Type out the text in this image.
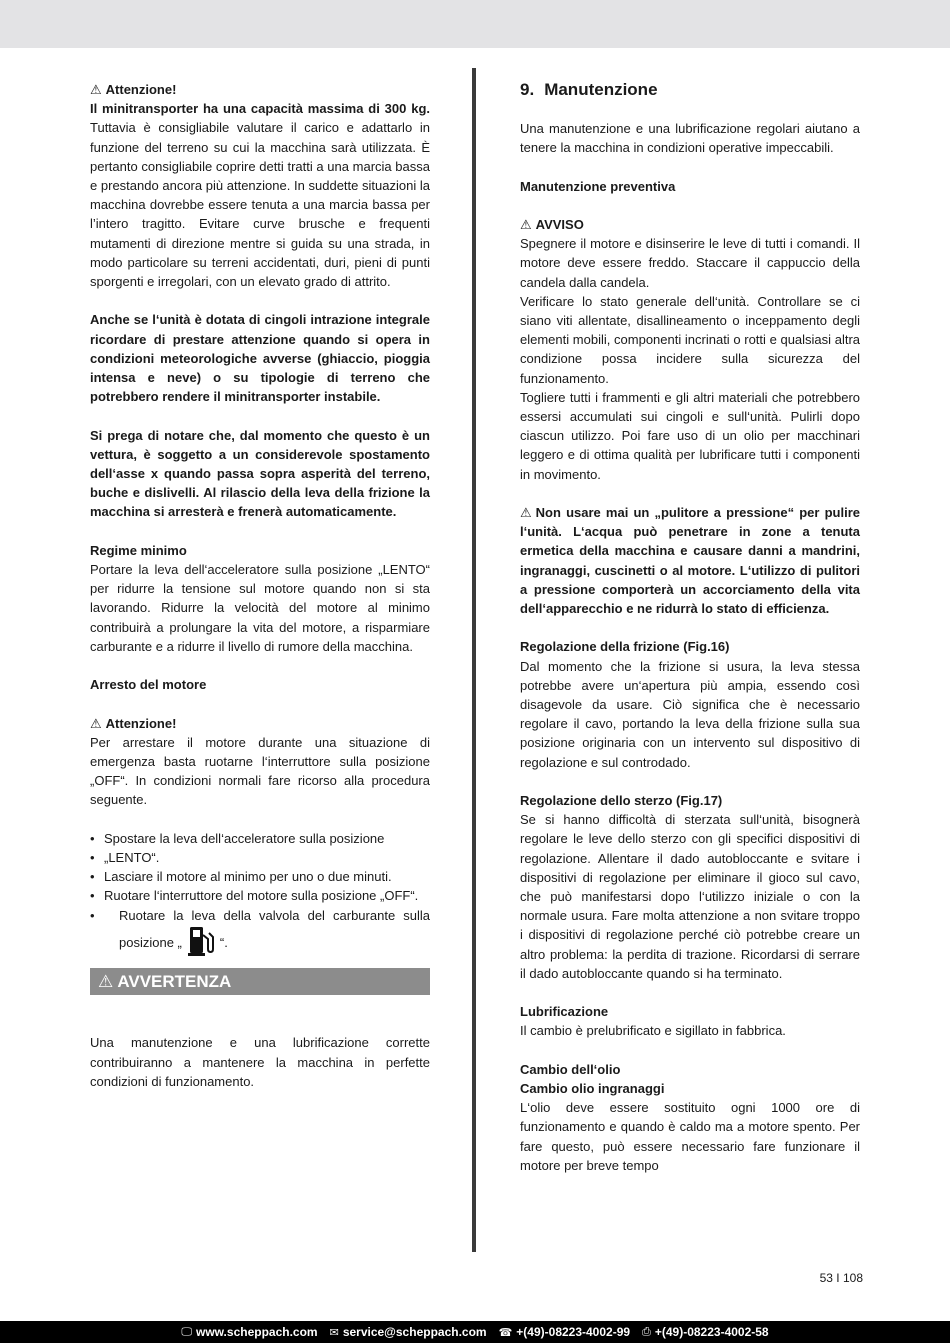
⚠ Attenzione!

Il minitransporter ha una capacità massima di 300 kg. Tuttavia è consigliabile valutare il carico e adattarlo in funzione del terreno su cui la macchina sarà utilizzata. È pertanto consigliabile coprire detti tratti a una marcia bassa e prestando ancora più attenzione. In suddette situazioni la macchina dovrebbe essere tenuta a una marcia bassa per l’intero tragitto. Evitare curve brusche e frequenti mutamenti di direzione mentre si guida su una strada, in modo particolare su terreni accidentati, duri, pieni di punti sporgenti e irregolari, con un elevato grado di attrito.

Anche se l‘unità è dotata di cingoli intrazione integrale ricordare di prestare attenzione quando si opera in condizioni meteorologiche avverse (ghiaccio, pioggia intensa e neve) o su tipologie di terreno che potrebbero rendere il minitransporter instabile.

Si prega di notare che, dal momento che questo è un vettura, è soggetto a un considerevole spostamento dell‘asse x quando passa sopra asperità del terreno, buche e dislivelli. Al rilascio della leva della frizione la macchina si arresterà e frenerà automaticamente.

Regime minimo

Portare la leva dell‘acceleratore sulla posizione „LENTO“ per ridurre la tensione sul motore quando non si sta lavorando. Ridurre la velocità del motore al minimo contribuirà a prolungare la vita del motore, a risparmiare carburante e a ridurre il livello di rumore della macchina.

Arresto del motore

⚠ Attenzione!

Per arrestare il motore durante una situazione di emergenza basta ruotarne l‘interruttore sulla posizione „OFF“. In condizioni normali fare ricorso alla procedura seguente.

• Spostare la leva dell‘acceleratore sulla posizione
• „LENTO“.
• Lasciare il motore al minimo per uno o due minuti.
• Ruotare l‘interruttore del motore sulla posizione „OFF“.
• Ruotare la leva della valvola del carburante sulla posizione „	“.
⚠ AVVERTENZA

Una manutenzione e una lubrificazione corrette contribuiranno a mantenere la macchina in perfette condizioni di funzionamento.

9. Manutenzione

Una manutenzione e una lubrificazione regolari aiutano a tenere la macchina in condizioni operative impeccabili.

Manutenzione preventiva

⚠ AVVISO

Spegnere il motore e disinserire le leve di tutti i comandi. Il motore deve essere freddo. Staccare il cappuccio della candela dalla candela.

Verificare lo stato generale dell‘unità. Controllare se ci siano viti allentate, disallineamento o inceppamento degli elementi mobili, componenti incrinati o rotti e qualsiasi altra condizione possa incidere sulla sicurezza del funzionamento.

Togliere tutti i frammenti e gli altri materiali che potrebbero essersi accumulati sui cingoli e sull‘unità. Pulirli dopo ciascun utilizzo. Poi fare uso di un olio per macchinari leggero e di ottima qualità per lubrificare tutti i componenti in movimento.

⚠ Non usare mai un „pulitore a pressione“ per pulire l‘unità. L‘acqua può penetrare in zone a tenuta ermetica della macchina e causare danni a mandrini, ingranaggi, cuscinetti o al motore. L‘utilizzo di pulitori a pressione comporterà un accorciamento della vita dell‘apparecchio e ne ridurrà lo stato di efficienza.

Regolazione della frizione (Fig.16)

Dal momento che la frizione si usura, la leva stessa potrebbe avere un‘apertura più ampia, essendo così disagevole da usare. Ciò significa che è necessario regolare il cavo, portando la leva della frizione sulla sua posizione originaria con un intervento sul dispositivo di regolazione e sul controdado.

Regolazione dello sterzo (Fig.17)

Se si hanno difficoltà di sterzata sull‘unità, bisognerà regolare le leve dello sterzo con gli specifici dispositivi di regolazione. Allentare il dado autobloccante e svitare i dispositivi di regolazione per eliminare il gioco sul cavo, che può manifestarsi dopo l‘utilizzo iniziale o con la normale usura. Fare molta attenzione a non svitare troppo i dispositivi di regolazione perché ciò potrebbe creare un altro problema: la perdita di trazione. Ricordarsi di serrare il dado autobloccante quando si ha terminato.

Lubrificazione

Il cambio è prelubrificato e sigillato in fabbrica.

Cambio dell‘olio

Cambio olio ingranaggi

L‘olio deve essere sostituito ogni 1000 ore di funzionamento e quando è caldo ma a motore spento. Per fare questo, può essere necessario fare funzionare il motore per breve tempo

53 I 108
🖵 www.scheppach.com ✉ service@scheppach.com ☎ +(49)-08223-4002-99 ⎙ +(49)-08223-4002-58
